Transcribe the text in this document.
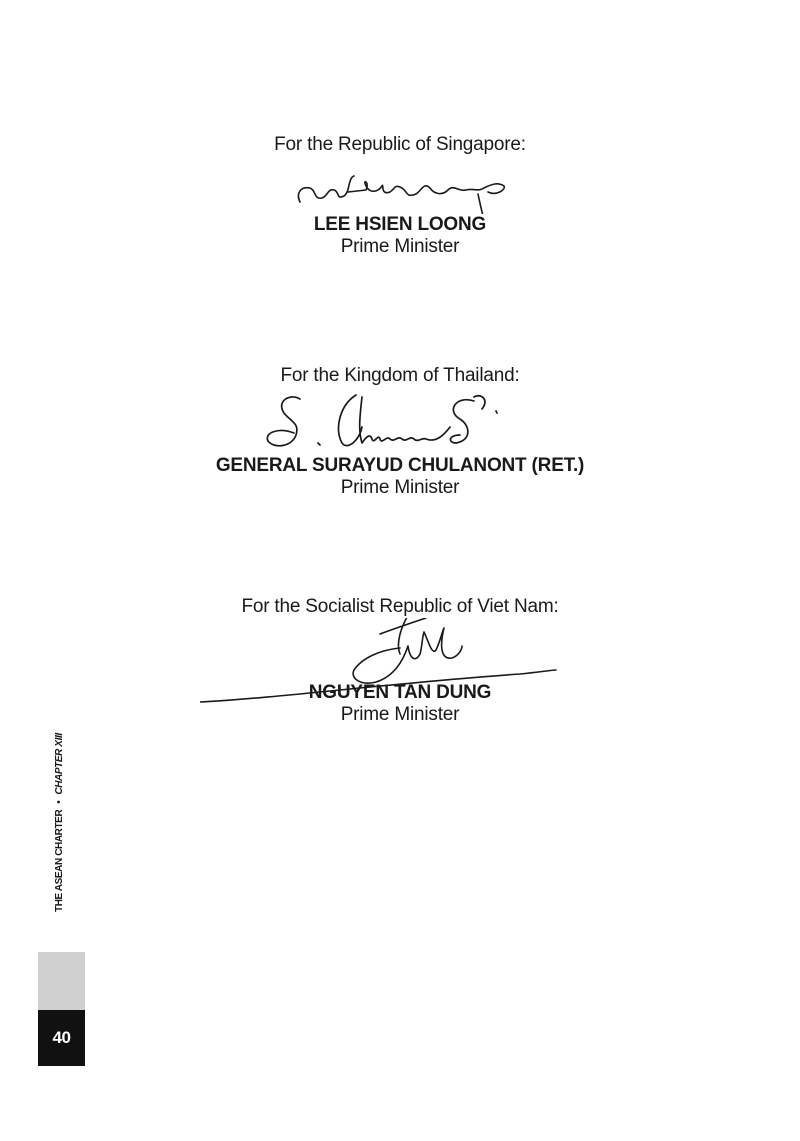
For the Republic of Singapore:
LEE HSIEN LOONG
Prime Minister
For the Kingdom of Thailand:
GENERAL SURAYUD CHULANONT (RET.)
Prime Minister
For the Socialist Republic of Viet Nam:
NGUYEN TAN DUNG
Prime Minister
THE ASEAN CHARTER•CHAPTER XIII
40
